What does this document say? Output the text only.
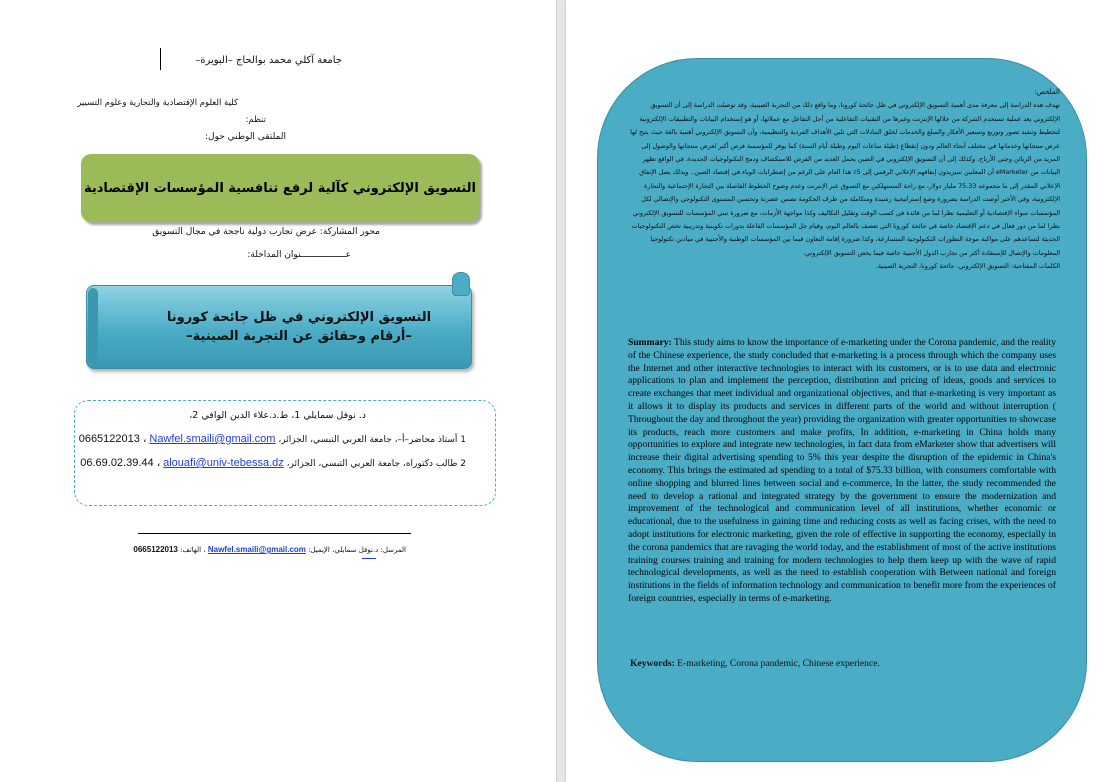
جامعة آكلي محمد بوالحاج –البويرة–
كلية العلوم الإقتصادية والتجارية وعلوم التسيير
تنظم:
الملتقى الوطني حول:
التسويق الإلكتروني كآلية لرفع تنافسية المؤسسات الإقتصادية
محور المشاركة: عرض تجارب دولية ناجحة في مجال التسويق
عـــــــــــــــــنوان المداخلة:
التسويق الإلكتروني في ظل جائحة كورونا
–أرقام وحقائق عن التجربة الصينية–
د. نوفل سمايلي 1، ط.د.علاء الدين الوافي 2،
1 أستاذ محاضر–أ–، جامعة العربي التبسي، الجزائر، Nawfel.smaili@gmail.com 0665122013 ،
2 طالب دكتوراه، جامعة العربي التبسي، الجزائر، alouafi@univ-tebessa.dz 06.69.02.39.44 ،
المرسل: د.نوفل سمايلي، الإيميل: Nawfel.smaili@gmail.com ، الهاتف: 0665122013
الملخص:
تهدف هذه الدراسة إلى معرفة مدى أهمية التسويق الإلكتروني في ظل جائحة كورونا، وما واقع ذلك من التجربة الصينية، وقد توصلت الدراسة إلى أن التسويق الإلكتروني يعد عملية تستخدم الشركة من خلالها الإنترنت وغيرها من التقنيات التفاعلية من أجل التفاعل مع عملائها، أو هو إستخدام البيانات والتطبيقات الإلكترونية لتخطيط وتنفيذ تصور وتوزيع وتسعير الأفكار والسلع والخدمات لخلق التبادلات التي تلبي الأهداف الفردية والتنظيمية، وأن التسويق الإلكتروني أهمية بالغة حيث يتيح لها عرض منتجاتها وخدماتها في مختلف أنحاء العالم ودون إنقطاع (طيلة ساعات اليوم وطيلة أيام السنة) كما يوفر للمؤسسة فرص أكبر لعرض منتجاتها والوصول إلى المزيد من الزبائن وجني الأرباح، وكذلك إلى أن التسويق الإلكتروني في الصين يحمل العديد من الفرص للاستكشاف ودمج التكنولوجيات الجديدة، في الواقع تظهر البيانات من eMarketer أن المعلنين سيزيدون إنفاقهم الإعلاني الرقمي إلى 5٪ هذا العام على الرغم من إضطرابات الوباء في إقتصاد الصين.. وبذلك يصل الإنفاق الإعلاني المقدر إلى ما مجموعه 75.33 مليار دولار، مع راحة المستهلكين مع التسوق عبر الإنترنت وعدم وضوح الخطوط الفاصلة بين التجارة الإجتماعية والتجارة الإلكترونية، وفي الأخير أوصت الدراسة بضرورة وضع إستراتيجية رشيدة ومتكاملة من طرف الحكومة تضمن عصرنة وتحسين المستوى التكنولوجي والإتصالي لكل المؤسسات سواء الإقتصادية أو التعليمية نظرا لما من فائدة في كسب الوقت وتقليل التكاليف وكذا مواجهة الأزمات، مع ضرورة تبني المؤسسات للتسويق الإلكتروني نظرا لما من دور فعال في دعم الإقتصاد خاصة في جائحة كورونا التي تعصف بالعالم اليوم، وقيام جل المؤسسات الفاعلة بدورات تكوينية وتدريبية تخص التكنولوجيات الحديثة لتساعدهم على مواكبة موجة التطورات التكنولوجية المتسارعة، وكذا ضرورة إقامة التعاون فيما بين المؤسسات الوطنية والأجنبية في ميادين تكنولوجيا المعلومات والإتصال للإستفادة أكثر من تجارب الدول الأجنبية خاصة فيما يخص التسويق الإلكتروني.
الكلمات المفتاحية: التسويق الإلكتروني، جائحة كورونا، التجربة الصينية.
Summary: This study aims to know the importance of e-marketing under the Corona pandemic, and the reality of the Chinese experience, the study concluded that e-marketing is a process through which the company uses the Internet and other interactive technologies to interact with its customers, or is to use data and electronic applications to plan and implement the perception, distribution and pricing of ideas, goods and services to create exchanges that meet individual and organizational objectives, and that e-marketing is very important as it allows it to display its products and services in different parts of the world and without interruption ( Throughout the day and throughout the year) providing the organization with greater opportunities to showcase its products, reach more customers and make profits, In addition, e-marketing in China holds many opportunities to explore and integrate new technologies, in fact data from eMarketer show that advertisers will increase their digital advertising spending to 5% this year despite the disruption of the epidemic in China's economy. This brings the estimated ad spending to a total of $75.33 billion, with consumers comfortable with online shopping and blurred lines between social and e-commerce, In the latter, the study recommended the need to develop a rational and integrated strategy by the government to ensure the modernization and improvement of the technological and communication level of all institutions, whether economic or educational, due to the usefulness in gaining time and reducing costs as well as facing crises, with the need to adopt institutions for electronic marketing, given the role of effective in supporting the economy, especially in the corona pandemics that are ravaging the world today, and the establishment of most of the active institutions training courses training and training for modern technologies to help them keep up with the wave of rapid technological developments, as well as the need to establish cooperation with Between national and foreign institutions in the fields of information technology and communication to benefit more from the experiences of foreign countries, especially in terms of e-marketing.
Keywords: E-marketing, Corona pandemic, Chinese experience.
